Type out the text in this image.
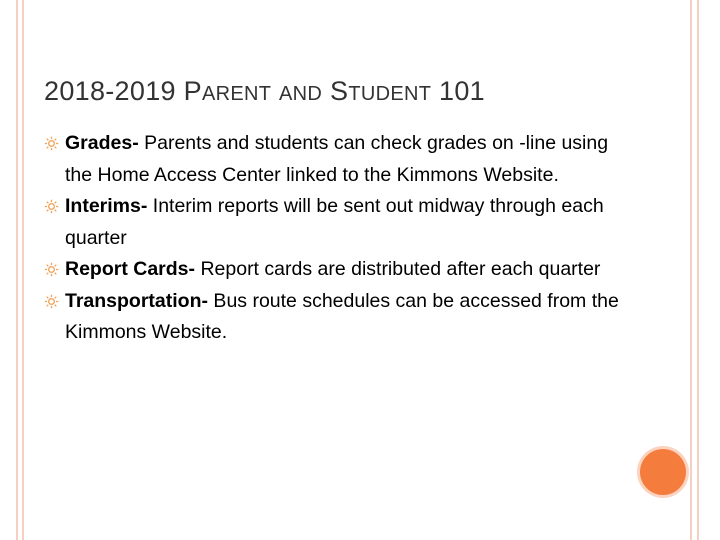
2018-2019 PARENT AND STUDENT 101
Grades- Parents and students can check grades on -line using the Home Access Center linked to the Kimmons Website.
Interims- Interim reports will be sent out midway through each quarter
Report Cards- Report cards are distributed after each quarter
Transportation- Bus route schedules can be accessed from the Kimmons Website.
